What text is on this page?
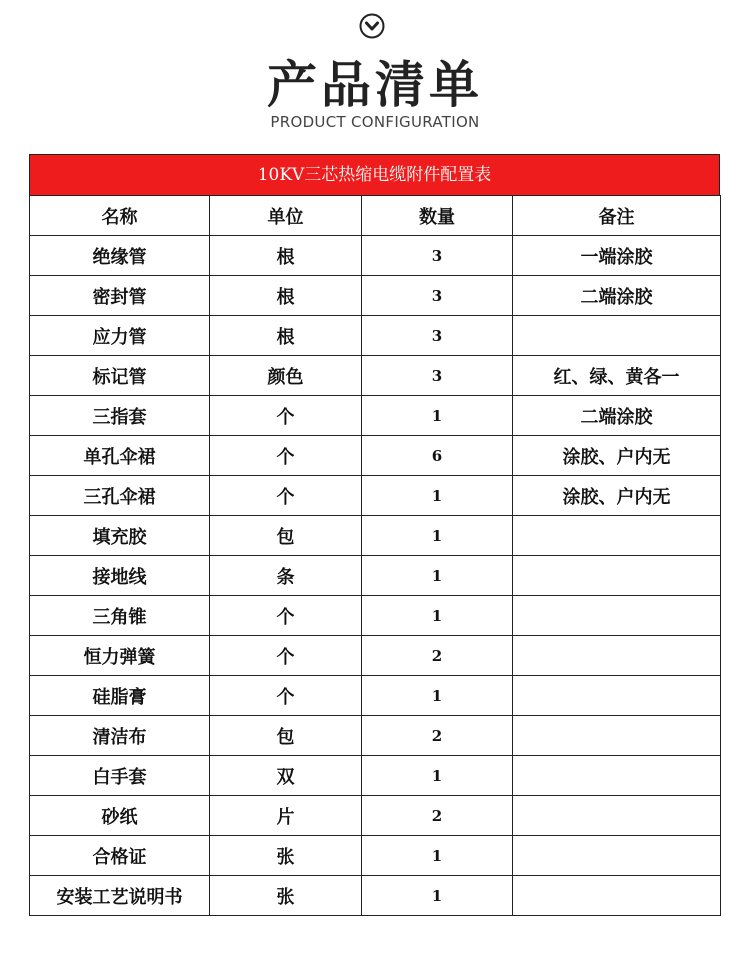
产品清单
PRODUCT CONFIGURATION
10KV三芯热缩电缆附件配置表
名称	单位	数量	备注
绝缘管	根	3	一端涂胶
密封管	根	3	二端涂胶
应力管	根	3	
标记管	颜色	3	红、绿、黄各一
三指套	个	1	二端涂胶
单孔伞裙	个	6	涂胶、户内无
三孔伞裙	个	1	涂胶、户内无
填充胶	包	1	
接地线	条	1	
三角锥	个	1	
恒力弹簧	个	2	
硅脂膏	个	1	
清洁布	包	2	
白手套	双	1	
砂纸	片	2	
合格证	张	1	
安装工艺说明书	张	1	
